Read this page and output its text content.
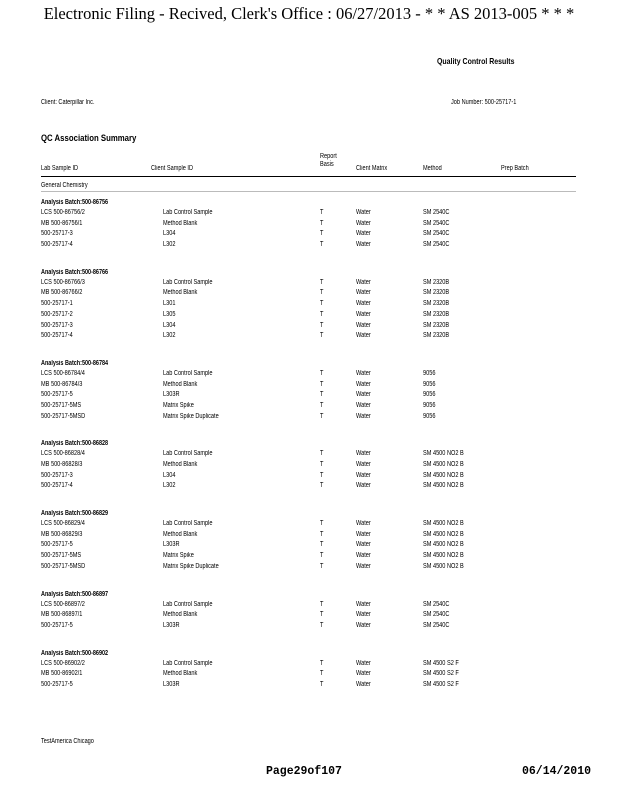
Electronic Filing - Recived, Clerk's Office : 06/27/2013 - * * AS 2013-005 * * *
Quality Control Results
Client: Caterpillar Inc.	Job Number: 500-25717-1
QC Association Summary
Lab Sample ID	Client Sample ID
Report
Basis
Client Matrix	Method	Prep Batch
General Chemistry
Analysis Batch:500-86756
LCS 500-86756/2	Lab Control Sample	T	Water	SM 2540C
MB 500-86756/1	Method Blank	T	Water	SM 2540C
500-25717-3	L304	T	Water	SM 2540C
500-25717-4	L302	T	Water	SM 2540C
Analysis Batch:500-86766
LCS 500-86766/3	Lab Control Sample	T	Water	SM 2320B
MB 500-86766/2	Method Blank	T	Water	SM 2320B
500-25717-1	L301	T	Water	SM 2320B
500-25717-2	L305	T	Water	SM 2320B
500-25717-3	L304	T	Water	SM 2320B
500-25717-4	L302	T	Water	SM 2320B
Analysis Batch:500-86784
LCS 500-86784/4	Lab Control Sample	T	Water	9056
MB 500-86784/3	Method Blank	T	Water	9056
500-25717-5	L303R	T	Water	9056
500-25717-5MS	Matrix Spike	T	Water	9056
500-25717-5MSD	Matrix Spike Duplicate	T	Water	9056
Analysis Batch:500-86828
LCS 500-86828/4	Lab Control Sample	T	Water	SM 4500 NO2 B
MB 500-86828/3	Method Blank	T	Water	SM 4500 NO2 B
500-25717-3	L304	T	Water	SM 4500 NO2 B
500-25717-4	L302	T	Water	SM 4500 NO2 B
Analysis Batch:500-86829
LCS 500-86829/4	Lab Control Sample	T	Water	SM 4500 NO2 B
MB 500-86829/3	Method Blank	T	Water	SM 4500 NO2 B
500-25717-5	L303R	T	Water	SM 4500 NO2 B
500-25717-5MS	Matrix Spike	T	Water	SM 4500 NO2 B
500-25717-5MSD	Matrix Spike Duplicate	T	Water	SM 4500 NO2 B
Analysis Batch:500-86897
LCS 500-86897/2	Lab Control Sample	T	Water	SM 2540C
MB 500-86897/1	Method Blank	T	Water	SM 2540C
500-25717-5	L303R	T	Water	SM 2540C
Analysis Batch:500-86902
LCS 500-86902/2	Lab Control Sample	T	Water	SM 4500 S2 F
MB 500-86902/1	Method Blank	T	Water	SM 4500 S2 F
500-25717-5	L303R	T	Water	SM 4500 S2 F
TestAmerica Chicago
Page29of107	06/14/2010
